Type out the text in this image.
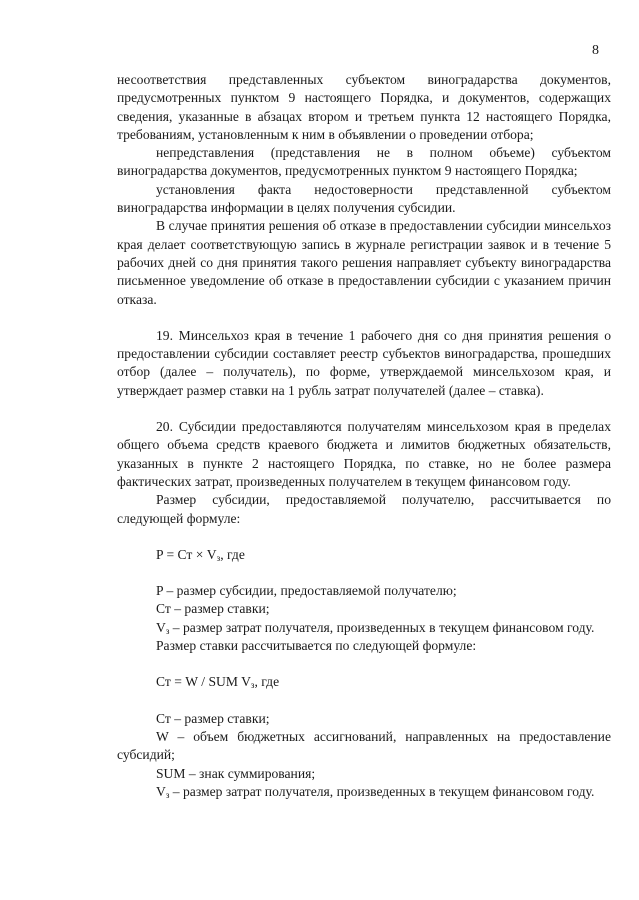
8

несоответствия представленных субъектом виноградарства документов, предусмотренных пунктом 9 настоящего Порядка, и документов, содержащих сведения, указанные в абзацах втором и третьем пункта 12 настоящего Порядка, требованиям, установленным к ним в объявлении о проведении отбора;

непредставления (представления не в полном объеме) субъектом виноградарства документов, предусмотренных пунктом 9 настоящего Порядка;

установления факта недостоверности представленной субъектом виноградарства информации в целях получения субсидии.

В случае принятия решения об отказе в предоставлении субсидии минсельхоз края делает соответствующую запись в журнале регистрации заявок и в течение 5 рабочих дней со дня принятия такого решения направляет субъекту виноградарства письменное уведомление об отказе в предоставлении субсидии с указанием причин отказа.

19. Минсельхоз края в течение 1 рабочего дня со дня принятия решения о предоставлении субсидии составляет реестр субъектов виноградарства, прошедших отбор (далее – получатель), по форме, утверждаемой минсельхозом края, и утверждает размер ставки на 1 рубль затрат получателей (далее – ставка).

20. Субсидии предоставляются получателям минсельхозом края в пределах общего объема средств краевого бюджета и лимитов бюджетных обязательств, указанных в пункте 2 настоящего Порядка, по ставке, но не более размера фактических затрат, произведенных получателем в текущем финансовом году.

Размер субсидии, предоставляемой получателю, рассчитывается по следующей формуле:

P = Ст × $V_з$, где

P – размер субсидии, предоставляемой получателю;

Ст – размер ставки;

$V_з$ – размер затрат получателя, произведенных в текущем финансовом году.

Размер ставки рассчитывается по следующей формуле:

Ст = W / SUM $V_з$, где

Ст – размер ставки;

W – объем бюджетных ассигнований, направленных на предоставление субсидий;

SUM – знак суммирования;

$V_з$ – размер затрат получателя, произведенных в текущем финансовом году.
